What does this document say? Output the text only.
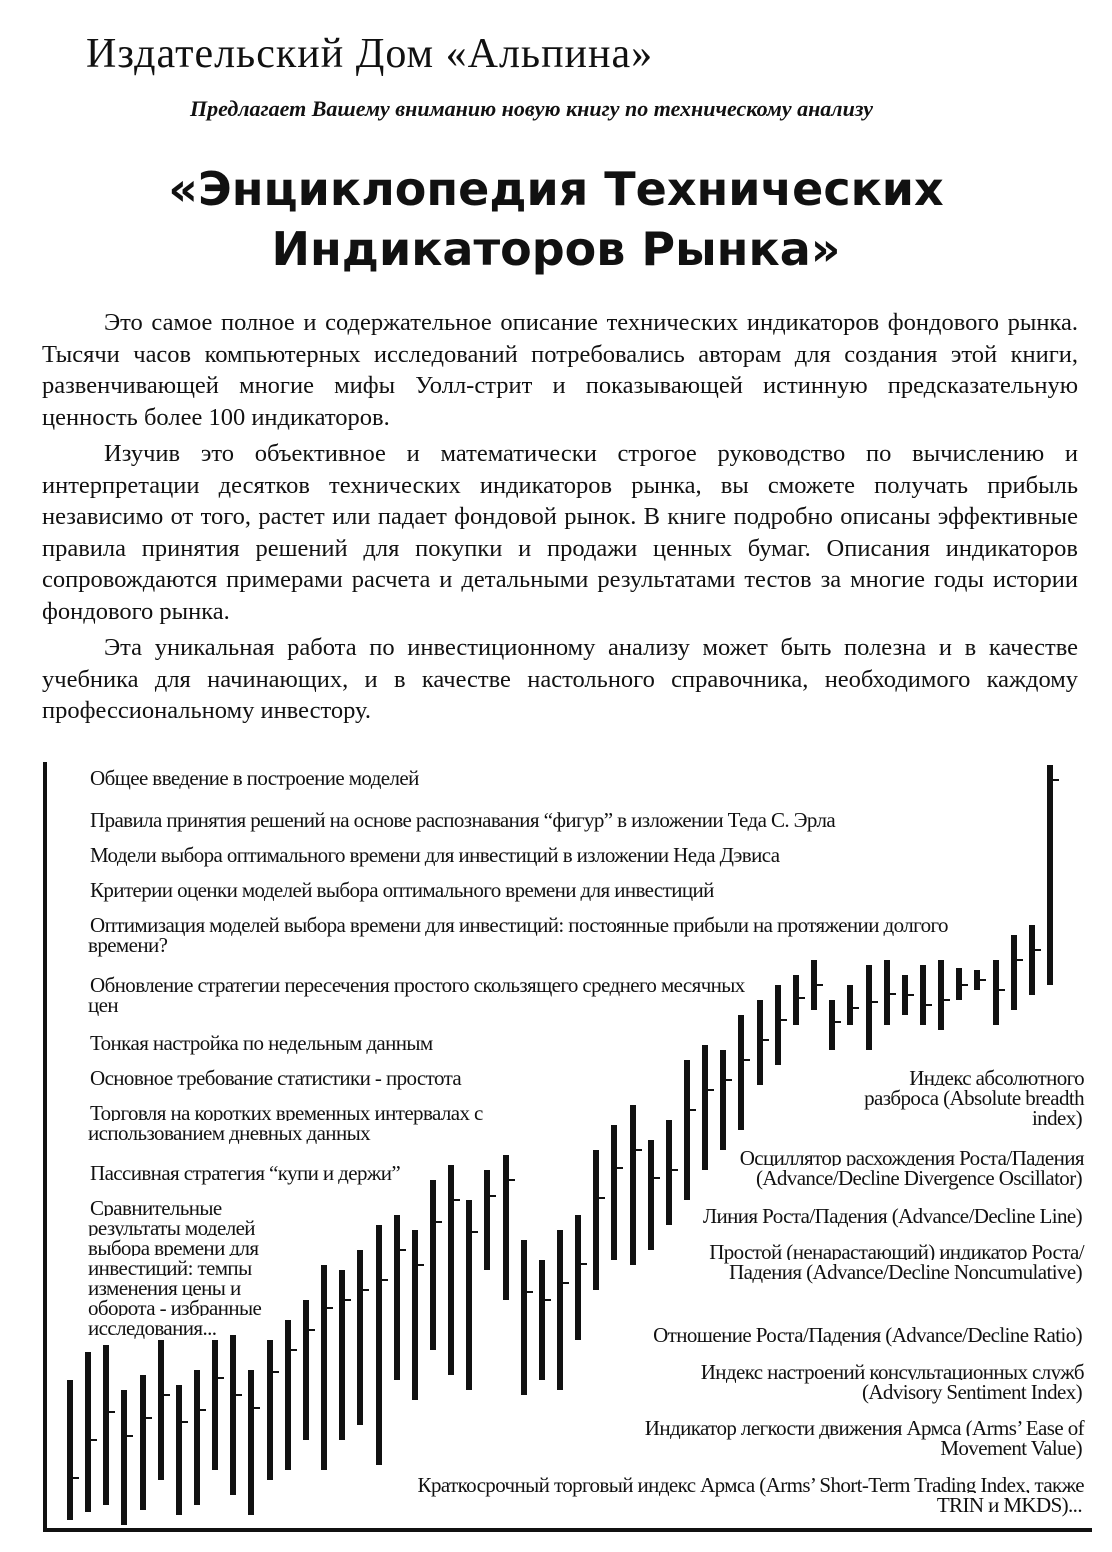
Издательский Дом «Альпина»
Предлагает Вашему вниманию новую книгу по техническому анализу
«Энциклопедия Технических
Индикаторов Рынка»

Это самое полное и содержательное описание технических индикаторов фондового рынка. Тысячи часов компьютерных исследований потребовались авторам для создания этой книги, развенчивающей многие мифы Уолл-стрит и показывающей истинную предсказательную ценность более 100 индикаторов.

Изучив это объективное и математически строгое руководство по вычислению и интерпретации десятков технических индикаторов рынка, вы сможете получать прибыль независимо от того, растет или падает фондовой рынок. В книге подробно описаны эффективные правила принятия решений для покупки и продажи ценных бумаг. Описания индикаторов сопровождаются примерами расчета и детальными результатами тестов за многие годы истории фондового рынка.

Эта уникальная работа по инвестиционному анализу может быть полезна и в качестве учебника для начинающих, и в качестве настольного справочника, необходимого каждому профессиональному инвестору.

Общее введение в построение моделей
Правила принятия решений на основе распознавания “фигур” в изложении Теда С. Эрла
Модели выбора оптимального времени для инвестиций в изложении Неда Дэвиса
Критерии оценки моделей выбора оптимального времени для инвестиций
Оптимизация моделей выбора времени для инвестиций: постоянные прибыли на протяжении долгого времени?
Обновление стратегии пересечения простого скользящего среднего месячных цен
Тонкая настройка по недельным данным
Основное требование статистики - простота
Торговля на коротких временных интервалах с использованием дневных данных
Пассивная стратегия “купи и держи”
Сравнительные результаты моделей выбора времени для инвестиций: темпы изменения цены и оборота - избранные исследования...
Индекс абсолютного разброса (Absolute breadth index)
Осциллятор расхождения Роста/Падения (Advance/Decline Divergence Oscillator)
Линия Роста/Падения (Advance/Decline Line)
Простой (ненарастающий) индикатор Роста/Падения (Advance/Decline Noncumulative)
Отношение Роста/Падения (Advance/Decline Ratio)
Индекс настроений консультационных служб (Advisory Sentiment Index)
Индикатор легкости движения Армса (Arms’ Ease of Movement Value)
Краткосрочный торговый индекс Армса (Arms’ Short-Term Trading Index, также TRIN и MKDS)...
